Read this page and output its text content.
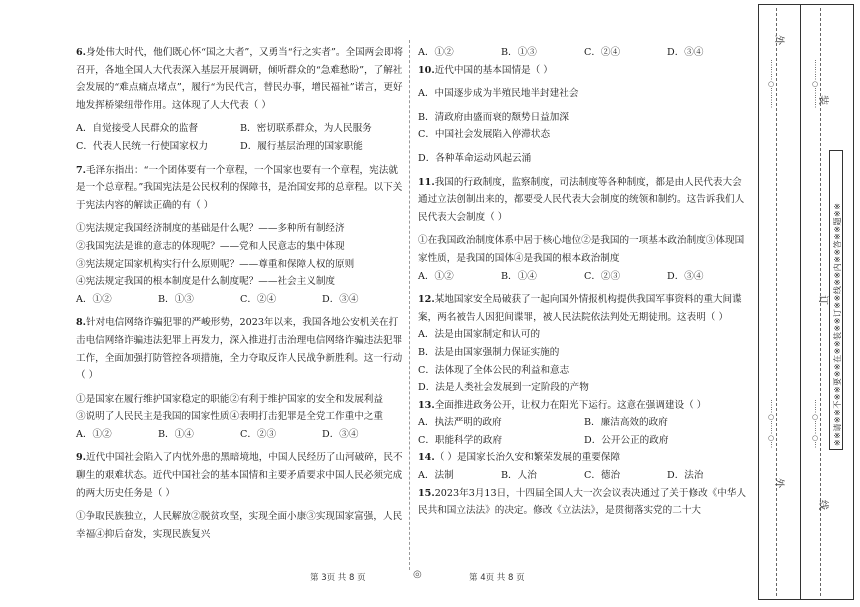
6.身处伟大时代，他们既心怀“国之大者”，又勇当“行之实者”。全国两会即将召开，各地全国人大代表深入基层开展调研，倾听群众的“急难愁盼”，了解社会发展的“难点痛点堵点”，履行“为民代言，替民办事，增民福祉”诺言，更好地发挥桥梁纽带作用。这体现了人大代表（ ）

A．自觉接受人民群众的监督	B．密切联系群众，为人民服务
C．代表人民统一行使国家权力	D．履行基层治理的国家职能

7.毛泽东指出：“一个团体要有一个章程，一个国家也要有一个章程，宪法就是一个总章程。”我国宪法是公民权利的保障书，是治国安邦的总章程。以下关于宪法内容的解读正确的有（ ）

①宪法规定我国经济制度的基础是什么呢？——多种所有制经济

②我国宪法是谁的意志的体现呢？——党和人民意志的集中体现

③宪法规定国家机构实行什么原则呢？——尊重和保障人权的原则

④宪法规定我国的根本制度是什么制度呢？——社会主义制度

A．①②	B．①③	C．②④	D．③④

8.针对电信网络诈骗犯罪的严峻形势，2023年以来，我国各地公安机关在打击电信网络诈骗违法犯罪上再发力，深入推进打击治理电信网络诈骗违法犯罪工作，全面加强打防管控各项措施，全力夺取反诈人民战争新胜利。这一行动（ ）

①是国家在履行维护国家稳定的职能②有利于维护国家的安全和发展利益

③说明了人民民主是我国的国家性质④表明打击犯罪是全党工作重中之重

A．①②	B．①④	C．②③	D．③④

9.近代中国社会陷入了内忧外患的黑暗境地，中国人民经历了山河破碎，民不聊生的艰难状态。近代中国社会的基本国情和主要矛盾要求中国人民必须完成的两大历史任务是（ ）

①争取民族独立，人民解放②脱贫攻坚，实现全面小康③实现国家富强，人民幸福④抑后奋发，实现民族复兴

A．①②	B．①③	C．②④	D．③④

10.近代中国的基本国情是（ ）

A．中国逐步成为半殖民地半封建社会

B．清政府由盛而衰的颓势日益加深

C．中国社会发展陷入停滞状态

D．各种革命运动风起云涌

11.我国的行政制度，监察制度，司法制度等各种制度，都是由人民代表大会通过立法创制出来的，都要受人民代表大会制度的统领和制约。这告诉我们人民代表大会制度（ ）

①在我国政治制度体系中居于核心地位②是我国的一项基本政治制度③体现国家性质，是我国的国体④是我国的根本政治制度

A．①②	B．①④	C．②③	D．③④

12.某地国家安全局破获了一起向国外情报机构提供我国军事资料的重大间谍案，两名被告人因犯间谍罪，被人民法院依法判处无期徒刑。这表明（ ）

A．法是由国家制定和认可的

B．法是由国家强制力保证实施的

C．法体现了全体公民的利益和意志

D．法是人类社会发展到一定阶段的产物

13.全面推进政务公开，让权力在阳光下运行。这意在强调建设（ ）

A．执法严明的政府	B．廉洁高效的政府
C．职能科学的政府	D．公开公正的政府

14.（ ）是国家长治久安和繁荣发展的重要保障

A．法制	B．人治	C．德治	D．法治

15.2023年3月13日，十四届全国人大一次会议表决通过了关于修改《中华人民共和国立法法》的决定。修改《立法法》，是贯彻落实党的二十大

第 3页 共 8 页	◎	第 4页 共 8 页
外
外
装
订
线
※※请※※不※※要※※在※※装※※订※※线※※内※※答※※题※※
⋮
⋮
⋮
○
⋮
⋮
⋮
⋮
⋮
⋮
○
⋮
⋮
⋮
⋮
⋮
○
⋮
⋮
○
⋮
⋮
⋮
○
⋮
⋮
○
⋮
